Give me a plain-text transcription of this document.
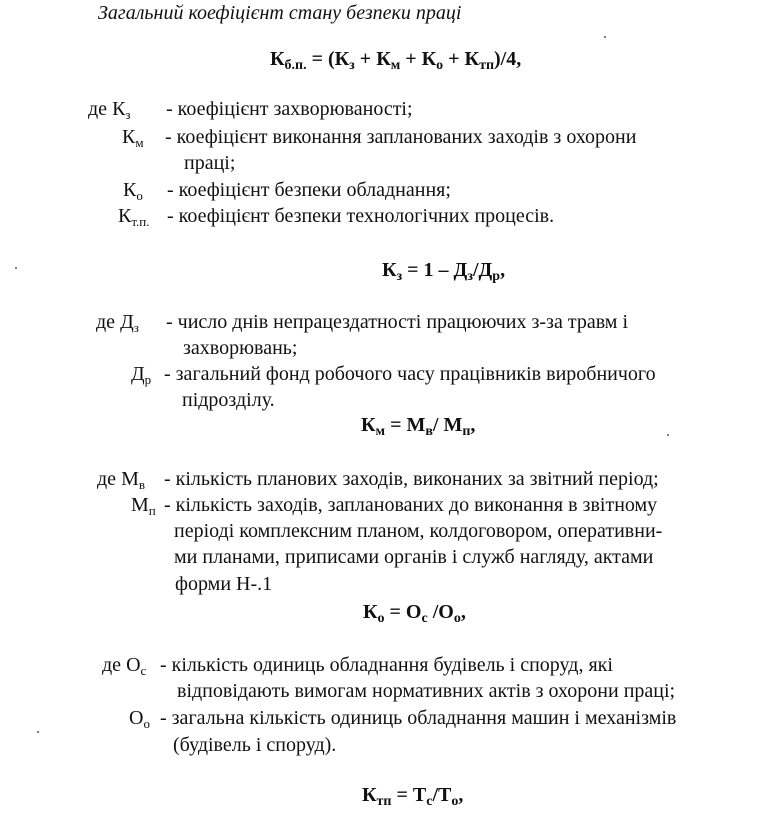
Загальний коефіцієнт стану безпеки праці
$К_{б.п.} = (К_з + К_м + К_о + К_{тп})/4$,
де $К_з$ - коефіцієнт захворюваності;
$К_м$ - коефіцієнт виконання запланованих заходів з охорони
праці;
$К_о$ - коефіцієнт безпеки обладнання;
$К_{т.п.}$ - коефіцієнт безпеки технологічних процесів.
$К_з = 1 - Д_з/Д_р$,
де $Д_з$ - число днів непрацездатності працюючих з-за травм і
захворювань;
$Д_р$ - загальний фонд робочого часу працівників виробничого
підрозділу.
$К_м = М_в/$ $М_п$,
де $М_в$ - кількість планових заходів, виконаних за звітний період;
$М_п$ - кількість заходів, запланованих до виконання в звітному
періоді комплексним планом, колдоговором, оперативни-
ми планами, приписами органів і служб нагляду, актами
форми Н-.1
$К_о = О_с$ $/О_о$,
де $О_с$ - кількість одиниць обладнання будівель і споруд, які
відповідають вимогам нормативних актів з охорони праці;
$О_о$ - загальна кількість одиниць обладнання машин і механізмів
(будівель і споруд).
$К_{тп} = Т_с/Т_о$,
